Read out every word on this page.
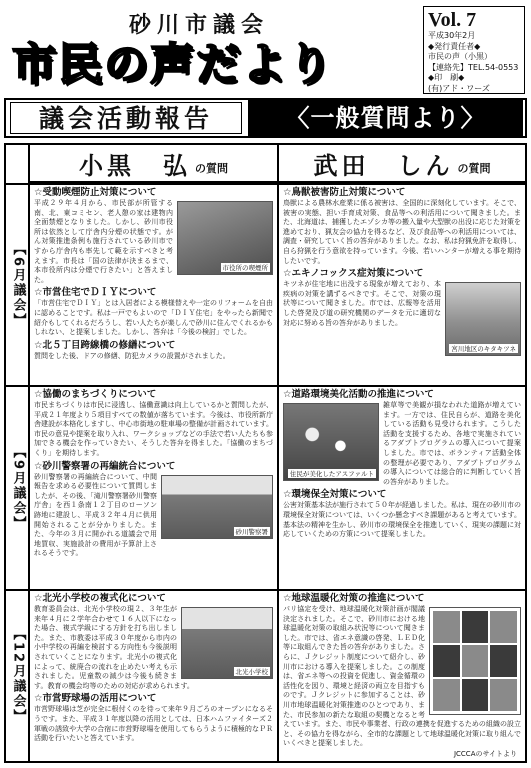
砂川市議会
市民の声だより
Vol. 7
平成30年2月
◆発行責任者◆
市民の声（小黒）
【連絡先】TEL.54-0553
◆印　刷◆
(有)アド・ワーズ
議会活動報告	〈一般質問より〉
小黒　弘 の質問	武田　しん の質問
【6月議会】
【9月議会】
【12月議会】
☆受動喫煙防止対策について
市役所の喫煙所
平成２９年４月から、市民部が所管する南、北、東コミセン、老人憩の家は建物内全面禁煙となりました。しかし、砂川市役所は依然として庁舎内分煙の状態です。がん対策推進条例も施行されている砂川市ですから庁舎内も率先して範を示すべきと考えます。市長は「国の法律が決まるまで、本市役所内は分煙で行きたい」と答えました。
☆市営住宅でＤＩＹについて
「市営住宅でＤＩＹ」とは入居者による模様替えや一定のリフォームを自由に認めることです。私は一戸でもよいので「ＤＩＹ住宅」をやったら新聞で紹介もしてくれるだろうし、若い人たちが楽しんで砂川に住んでくれるかもしれない、と提案しました。しかし、答弁は「今後の検討」でした。
☆北５丁目跨線橋の修繕について
質問をした後、ドアの修繕、防犯カメラの設置がされました。
☆協働のまちづくりについて
市民まちづくりは市民に浸透し、協働意識は向上しているかと質問したが、平成２１年度より５項目すべての数値が落ちています。今後は、市役所新庁舎建設が本格化しますし、中心市街地の駐車場の整備が計画されています。市民の意見や提案を取り入れ、ワークショップなどの手法で若い人たちも参加できる機会を作っていきたい、そうした答弁を得ました。「協働のまちづくり」を期待します。
☆砂川警察署の再編統合について
砂川警察署
砂川警察署の再編統合について、中間報告を求める必要性について質問しましたが、その後、「滝川警察署砂川警察庁舎」を西１条南１２丁目のローソン跡地に建設し、平成３２年４月に供用開始されることが分かりました。また、今年の３月に開かれる道議会で用地買収、実施設計の費用が予算計上されるそうです。
☆北光小学校の複式化について
北光小学校
教育委員会は、北光小学校の現２、３年生が来年４月に２学年合わせて１６人以下になった場合、複式学級にする方針を打ち出しました。また、市教委は平成３０年度から市内の小中学校の再編を検討する方向性も今後説明されていくことになります。北光小の複式化によって、統廃合の流れを止めたい考えも示されました。児童数の減少は今後も続きます。教育の機会均等のための対応が求められます。
☆市営野球場の活用について
市営野球場は芝が完全に根付くのを待って来年９月ごろのオープンになるそうです。また、平成３１年度以降の活用としては、日本ハムファイターズ２軍戦の誘致や大学の合宿に市営野球場を使用してもらうように積極的なＰＲ活動を行いたいと答えています。
☆鳥獣被害防止対策について
鳥獣による農林水産業に係る被害は、全国的に深刻化しています。そこで、被害の実態、担い手育成対策、食品等への利活用について聞きました。また、北海道は、捕獲したエゾシカ等の搬入量や大型獣の出没に応じた対策を進めており、猟友会の協力を得るなど、及び食品等への利活用については、調査・研究していく旨の答弁がありました。なお、私は狩猟免許を取得し、自ら狩猟を行う意欲を持っています。今後、若いハンターが増える事を期待したいです。
☆エキノコックス症対策について
宮川地区のキタキツネ
キツネが住宅地に出没する現象が増えており、本疾病の対策を講ずるべきです。そこで、対策の現状等について聞きました。市では、広報等を活用した啓発及び道の研究機関のデータを元に適切な対応に努める旨の答弁がありました。
☆道路環境美化活動の推進について
住民が美化したアスファルト
雑草等で美観が損なわれた道路が増えています。一方では、住民自らが、道路を美化している活動も見受けられます。こうした活動を支援するため、各地で実施されているアダプトプログラムの導入について提案しました。市では、ボランティア活動全体の整理が必要であり、アダプトプログラムの導入については総合的に判断していく旨の答弁がありました。
☆環境保全対策について
公害対策基本法が施行されて５０年が経過しました。私は、現在の砂川市の環境保全対策については、いくつか懸念すべき課題があると考えています。基本法の精神を生かし、砂川市の環境保全を推進していく、現実の課題に対応していくための方策について提案しました。
☆地球温暖化対策の推進について
パリ協定を受け、地球温暖化対策計画が閣議決定されました。そこで、砂川市における地球温暖化対策の取組み状況等について聞きました。市では、省エネ意識の啓発、ＬＥＤ化等に取組んできた旨の答弁がありました。さらに、Ｊクレジット制度について紹介し、砂川市における導入を提案しました。この制度は、省エネ等への投資を促進し、資金循環の活性化を図り、環境と経済の両立を目指すものです。Ｊクレジットに参加することは、砂川市地球温暖化対策推進のひとつであり、また、市民参加の新たな取組の契機となると考えています。また、市民や事業者、行政の連携を促進するための組織の設立と、その協力を得ながら、全市的な課題として地球温暖化対策に取り組んでいくべきと提案しました。
JCCCAのサイトより
